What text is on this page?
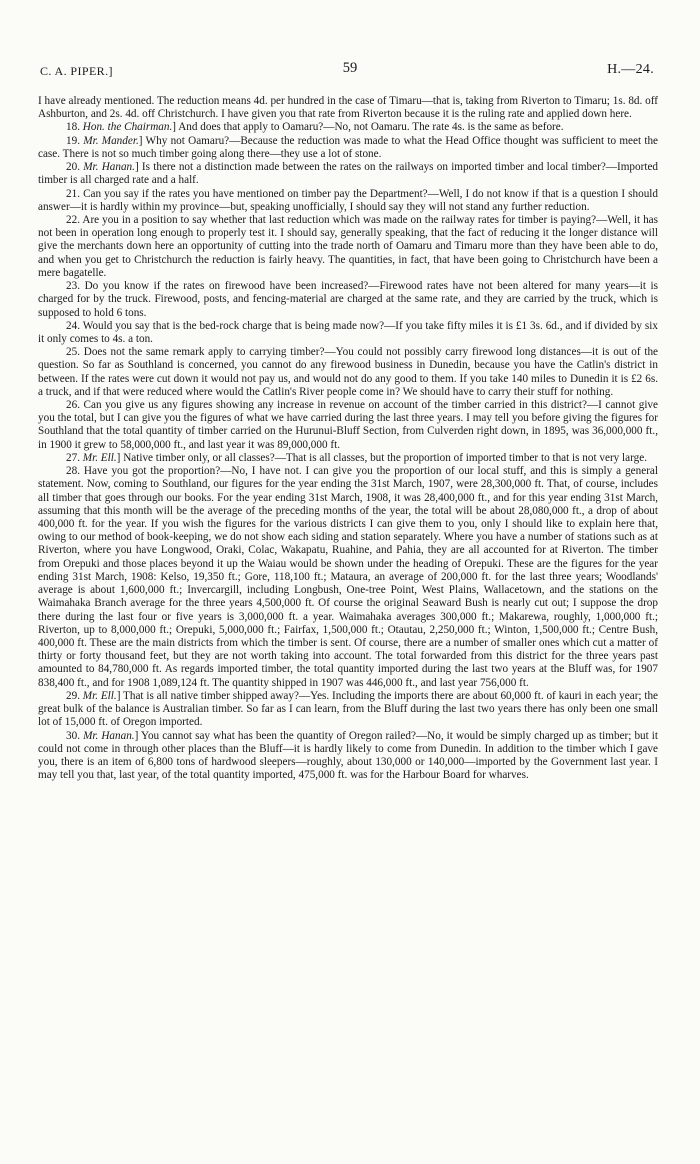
C. A. PIPER.]	59	H.—24.

I have already mentioned. The reduction means 4d. per hundred in the case of Timaru—that is, taking from Riverton to Timaru; 1s. 8d. off Ashburton, and 2s. 4d. off Christchurch. I have given you that rate from Riverton because it is the ruling rate and applied down here.

18. Hon. the Chairman.] And does that apply to Oamaru?—No, not Oamaru. The rate 4s. is the same as before.

19. Mr. Mander.] Why not Oamaru?—Because the reduction was made to what the Head Office thought was sufficient to meet the case. There is not so much timber going along there—they use a lot of stone.

20. Mr. Hanan.] Is there not a distinction made between the rates on the railways on imported timber and local timber?—Imported timber is all charged rate and a half.

21. Can you say if the rates you have mentioned on timber pay the Department?—Well, I do not know if that is a question I should answer—it is hardly within my province—but, speaking unofficially, I should say they will not stand any further reduction.

22. Are you in a position to say whether that last reduction which was made on the railway rates for timber is paying?—Well, it has not been in operation long enough to properly test it. I should say, generally speaking, that the fact of reducing it the longer distance will give the merchants down here an opportunity of cutting into the trade north of Oamaru and Timaru more than they have been able to do, and when you get to Christchurch the reduction is fairly heavy. The quantities, in fact, that have been going to Christchurch have been a mere bagatelle.

23. Do you know if the rates on firewood have been increased?—Firewood rates have not been altered for many years—it is charged for by the truck. Firewood, posts, and fencing-material are charged at the same rate, and they are carried by the truck, which is supposed to hold 6 tons.

24. Would you say that is the bed-rock charge that is being made now?—If you take fifty miles it is £1 3s. 6d., and if divided by six it only comes to 4s. a ton.

25. Does not the same remark apply to carrying timber?—You could not possibly carry firewood long distances—it is out of the question. So far as Southland is concerned, you cannot do any firewood business in Dunedin, because you have the Catlin's district in between. If the rates were cut down it would not pay us, and would not do any good to them. If you take 140 miles to Dunedin it is £2 6s. a truck, and if that were reduced where would the Catlin's River people come in? We should have to carry their stuff for nothing.

26. Can you give us any figures showing any increase in revenue on account of the timber carried in this district?—I cannot give you the total, but I can give you the figures of what we have carried during the last three years. I may tell you before giving the figures for Southland that the total quantity of timber carried on the Hurunui-Bluff Section, from Culverden right down, in 1895, was 36,000,000 ft., in 1900 it grew to 58,000,000 ft., and last year it was 89,000,000 ft.

27. Mr. Ell.] Native timber only, or all classes?—That is all classes, but the proportion of imported timber to that is not very large.

28. Have you got the proportion?—No, I have not. I can give you the proportion of our local stuff, and this is simply a general statement. Now, coming to Southland, our figures for the year ending the 31st March, 1907, were 28,300,000 ft. That, of course, includes all timber that goes through our books. For the year ending 31st March, 1908, it was 28,400,000 ft., and for this year ending 31st March, assuming that this month will be the average of the preceding months of the year, the total will be about 28,080,000 ft., a drop of about 400,000 ft. for the year. If you wish the figures for the various districts I can give them to you, only I should like to explain here that, owing to our method of book-keeping, we do not show each siding and station separately. Where you have a number of stations such as at Riverton, where you have Longwood, Oraki, Colac, Wakapatu, Ruahine, and Pahia, they are all accounted for at Riverton. The timber from Orepuki and those places beyond it up the Waiau would be shown under the heading of Orepuki. These are the figures for the year ending 31st March, 1908: Kelso, 19,350 ft.; Gore, 118,100 ft.; Mataura, an average of 200,000 ft. for the last three years; Woodlands' average is about 1,600,000 ft.; Invercargill, including Longbush, One-tree Point, West Plains, Wallacetown, and the stations on the Waimahaka Branch average for the three years 4,500,000 ft. Of course the original Seaward Bush is nearly cut out; I suppose the drop there during the last four or five years is 3,000,000 ft. a year. Waimahaka averages 300,000 ft.; Makarewa, roughly, 1,000,000 ft.; Riverton, up to 8,000,000 ft.; Orepuki, 5,000,000 ft.; Fairfax, 1,500,000 ft.; Otautau, 2,250,000 ft.; Winton, 1,500,000 ft.; Centre Bush, 400,000 ft. These are the main districts from which the timber is sent. Of course, there are a number of smaller ones which cut a matter of thirty or forty thousand feet, but they are not worth taking into account. The total forwarded from this district for the three years past amounted to 84,780,000 ft. As regards imported timber, the total quantity imported during the last two years at the Bluff was, for 1907 838,400 ft., and for 1908 1,089,124 ft. The quantity shipped in 1907 was 446,000 ft., and last year 756,000 ft.

29. Mr. Ell.] That is all native timber shipped away?—Yes. Including the imports there are about 60,000 ft. of kauri in each year; the great bulk of the balance is Australian timber. So far as I can learn, from the Bluff during the last two years there has only been one small lot of 15,000 ft. of Oregon imported.

30. Mr. Hanan.] You cannot say what has been the quantity of Oregon railed?—No, it would be simply charged up as timber; but it could not come in through other places than the Bluff—it is hardly likely to come from Dunedin. In addition to the timber which I gave you, there is an item of 6,800 tons of hardwood sleepers—roughly, about 130,000 or 140,000—imported by the Government last year. I may tell you that, last year, of the total quantity imported, 475,000 ft. was for the Harbour Board for wharves.
